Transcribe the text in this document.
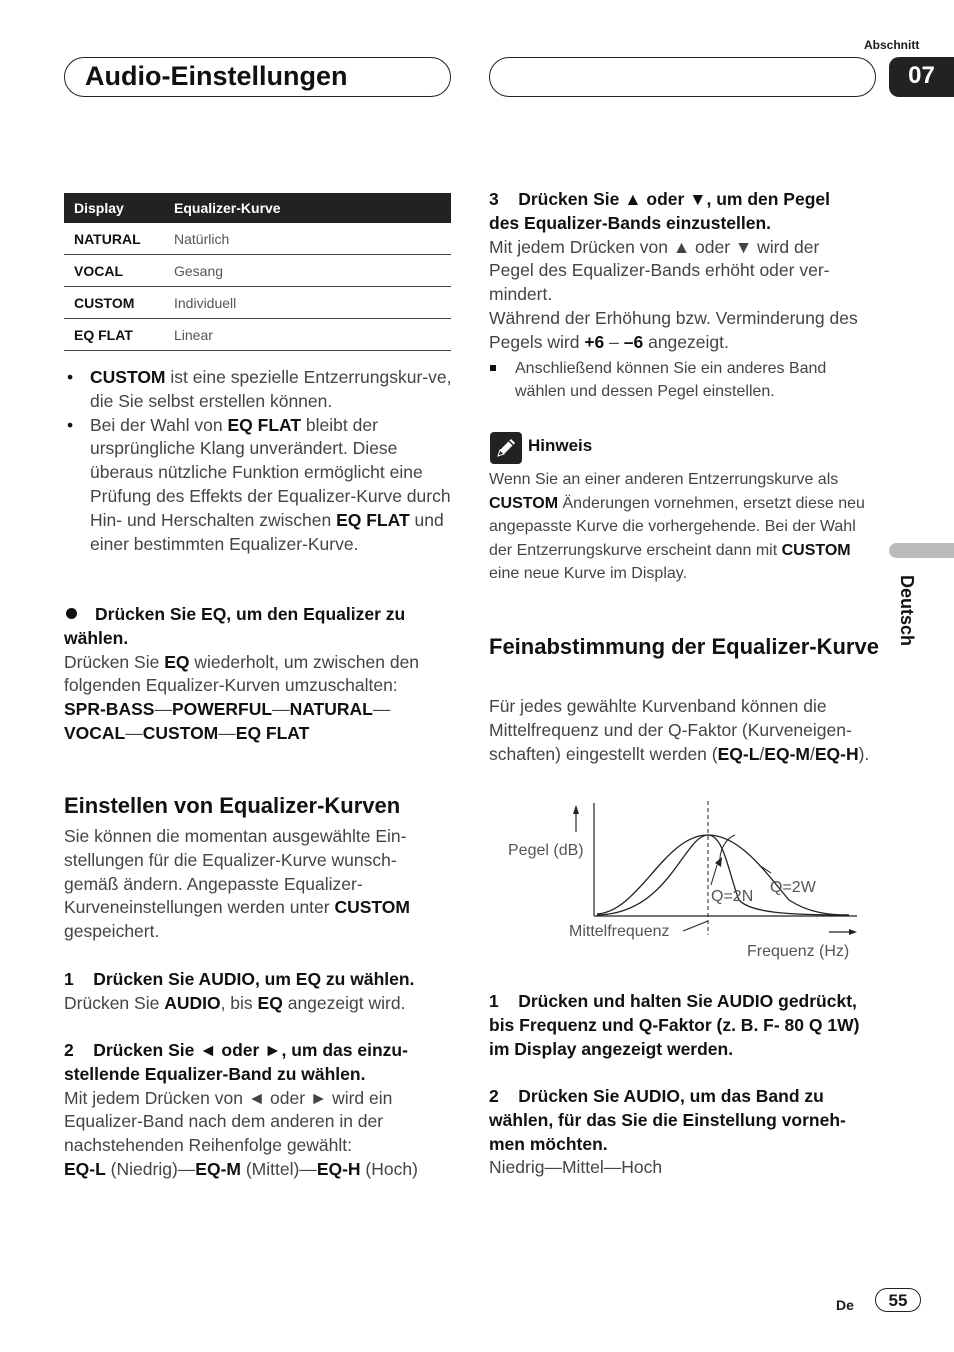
Audio-Einstellungen
Abschnitt
07
Display	Equalizer-Kurve
NATURAL	Natürlich
VOCAL	Gesang
CUSTOM	Individuell
EQ FLAT	Linear
• CUSTOM ist eine spezielle Entzerrungskur-ve, die Sie selbst erstellen können.
• Bei der Wahl von EQ FLAT bleibt der ursprüngliche Klang unverändert. Diese überaus nützliche Funktion ermöglicht eine Prüfung des Effekts der Equalizer-Kurve durch Hin- und Herschalten zwischen EQ FLAT und einer bestimmten Equalizer-Kurve.
Drücken Sie EQ, um den Equalizer zu wählen.
Drücken Sie EQ wiederholt, um zwischen den folgenden Equalizer-Kurven umzuschalten:
SPR-BASS—POWERFUL—NATURAL—
VOCAL—CUSTOM—EQ FLAT
Einstellen von Equalizer-Kurven
Sie können die momentan ausgewählte Ein-stellungen für die Equalizer-Kurve wunsch-gemäß ändern. Angepasste Equalizer-Kurveneinstellungen werden unter CUSTOM gespeichert.
1 Drücken Sie AUDIO, um EQ zu wählen.
Drücken Sie AUDIO, bis EQ angezeigt wird.
2 Drücken Sie ◄ oder ►, um das einzu-stellende Equalizer-Band zu wählen.
Mit jedem Drücken von ◄ oder ► wird ein Equalizer-Band nach dem anderen in der nachstehenden Reihenfolge gewählt:
EQ-L (Niedrig)—EQ-M (Mittel)—EQ-H (Hoch)
3 Drücken Sie ▲ oder ▼, um den Pegel des Equalizer-Bands einzustellen.
Mit jedem Drücken von ▲ oder ▼ wird der Pegel des Equalizer-Bands erhöht oder ver-mindert.
Während der Erhöhung bzw. Verminderung des Pegels wird +6 – –6 angezeigt.
Anschließend können Sie ein anderes Band wählen und dessen Pegel einstellen.
Hinweis
Wenn Sie an einer anderen Entzerrungskurve als CUSTOM Änderungen vornehmen, ersetzt diese neu angepasste Kurve die vorhergehende. Bei der Wahl der Entzerrungskurve erscheint dann mit CUSTOM eine neue Kurve im Display.
Feinabstimmung der Equalizer-Kurve
Für jedes gewählte Kurvenband können die Mittelfrequenz und der Q-Faktor (Kurveneigen-schaften) eingestellt werden (EQ-L/EQ-M/EQ-H).
Pegel (dB)
Q=2N
Q=2W
Mittelfrequenz
Frequenz (Hz)
1 Drücken und halten Sie AUDIO gedrückt, bis Frequenz und Q-Faktor (z. B. F- 80 Q 1W) im Display angezeigt werden.
2 Drücken Sie AUDIO, um das Band zu wählen, für das Sie die Einstellung vorneh-men möchten.
Niedrig—Mittel—Hoch
Deutsch
De	55
